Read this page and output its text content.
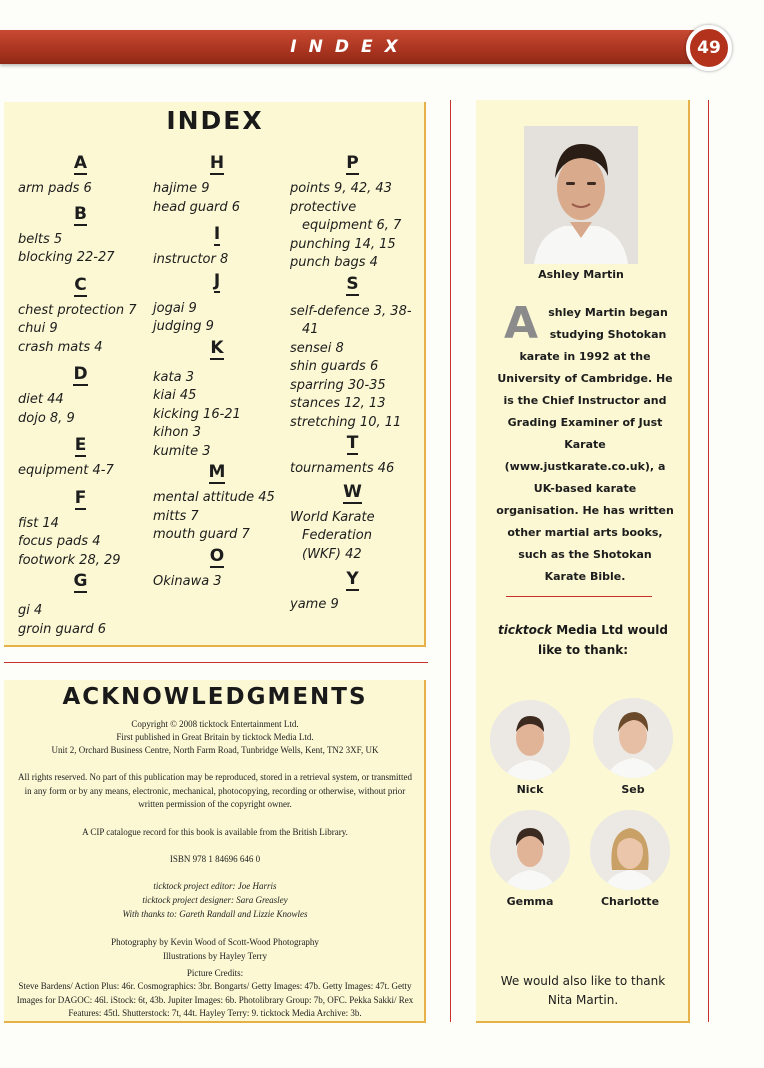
INDEX	49
INDEX
A
arm pads 6
B
belts 5
blocking 22-27
C
chest protection 7
chui 9
crash mats 4
D
diet 44
dojo 8, 9
E
equipment 4-7
F
fist 14
focus pads 4
footwork 28, 29
G
gi 4
groin guard 6
H
hajime 9
head guard 6
I
instructor 8
J
jogai 9
judging 9
K
kata 3
kiai 45
kicking 16-21
kihon 3
kumite 3
M
mental attitude 45
mitts 7
mouth guard 7
O
Okinawa 3
P
points 9, 42, 43
protective equipment 6, 7
punching 14, 15
punch bags 4
S
self-defence 3, 38-41
sensei 8
shin guards 6
sparring 30-35
stances 12, 13
stretching 10, 11
T
tournaments 46
W
World Karate Federation (WKF) 42
Y
yame 9
ACKNOWLEDGMENTS
Copyright © 2008 ticktock Entertainment Ltd.
First published in Great Britain by ticktock Media Ltd.
Unit 2, Orchard Business Centre, North Farm Road, Tunbridge Wells, Kent, TN2 3XF, UK
All rights reserved. No part of this publication may be reproduced, stored in a retrieval system, or transmitted in any form or by any means, electronic, mechanical, photocopying, recording or otherwise, without prior written permission of the copyright owner.
A CIP catalogue record for this book is available from the British Library.
ISBN 978 1 84696 646 0
ticktock project editor: Joe Harris
ticktock project designer: Sara Greasley
With thanks to: Gareth Randall and Lizzie Knowles
Photography by Kevin Wood of Scott-Wood Photography
Illustrations by Hayley Terry
Picture Credits:
Steve Bardens/ Action Plus: 46r. Cosmographics: 3br. Bongarts/ Getty Images: 47b. Getty Images: 47t. Getty Images for DAGOC: 46l. iStock: 6t, 43b. Jupiter Images: 6b. Photolibrary Group: 7b, OFC. Pekka Sakki/ Rex Features: 45tl. Shutterstock: 7t, 44t. Hayley Terry: 9. ticktock Media Archive: 3b.
Ashley Martin
Ashley Martin began studying Shotokan karate in 1992 at the University of Cambridge. He is the Chief Instructor and Grading Examiner of Just Karate (www.justkarate.co.uk), a UK-based karate organisation. He has written other martial arts books, such as the Shotokan Karate Bible.
ticktock Media Ltd would like to thank:
Nick	Seb
Gemma	Charlotte
We would also like to thank Nita Martin.
